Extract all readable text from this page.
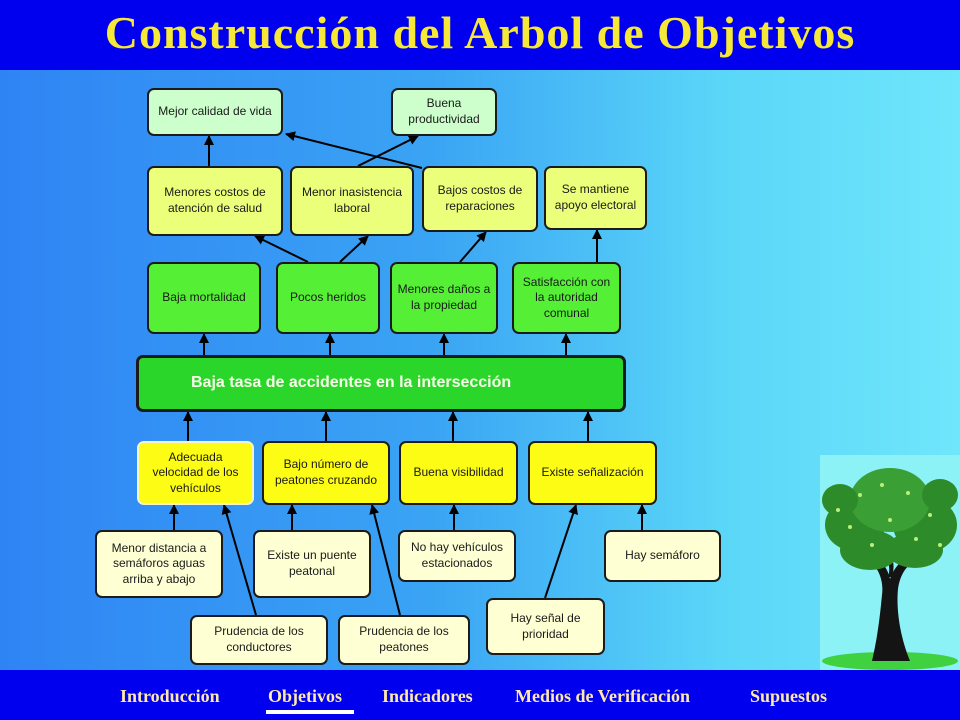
Construcción del Arbol de Objetivos
Mejor calidad de vida
Buena productividad
Menores costos de atención de salud
Menor inasistencia laboral
Bajos costos de reparaciones
Se mantiene apoyo electoral
Baja mortalidad	Pocos heridos
Menores daños a la propiedad
Satisfacción con la autoridad comunal
Baja tasa de accidentes en la intersección
Adecuada velocidad de los vehículos
Bajo número de peatones cruzando
Buena visibilidad	Existe señalización
Menor distancia a semáforos aguas arriba y abajo
Existe un puente peatonal
No hay vehículos estacionados
Hay semáforo
Prudencia de los conductores
Prudencia de los peatones
Hay señal de prioridad
Introducción	Objetivos Indicadores Medios de Verificación	Supuestos
